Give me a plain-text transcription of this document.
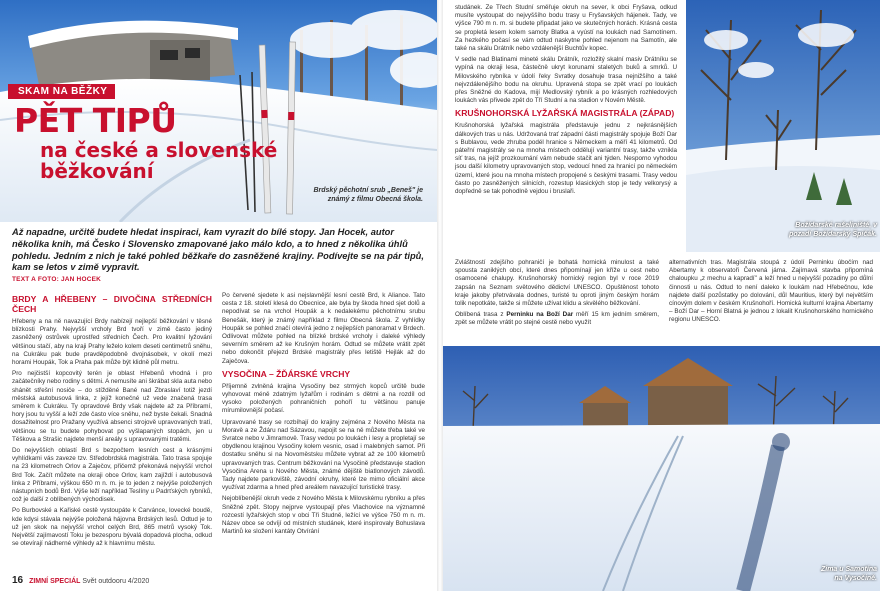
SKAM NA BĚŽKY
PĚT TIPŮ
na české a slovenské běžkování
Brdský pěchotní srub „Beneš" je známý z filmu Obecná škola.
Až napadne, určitě budete hledat inspiraci, kam vyrazit do bílé stopy. Jan Hocek, autor několika knih, má Česko i Slovensko zmapované jako málo kdo, a to hned z několika úhlů pohledu. Jedním z nich je také pohled běžkaře do zasněžené krajiny. Podívejte se na pár tipů, kam se letos v zimě vypravit.
TEXT A FOTO: JAN HOCEK
BRDY A HŘEBENY – DIVOČINA STŘEDNÍCH ČECH

Hřebeny a na ně navazující Brdy nabízejí nejlepší běžkování v těsné blízkosti Prahy. Nejvyšší vrcholy Brd tvoří v zimě často jediný zasněžený ostrůvek uprostřed středních Čech. Pro kvalitní lyžování většinou stačí, aby na kraji Prahy leželo kolem deseti centimetrů sněhu, na Cukráku pak bude pravděpodobně dvojnásobek, v okolí mezi horami Houpák, Tok a Praha pak může být klidně půl metru.

Pro nejčistší kopcovitý terén je oblast Hřebenů vhodná i pro začátečníky nebo rodiny s dětmi. A nemusíte ani škrábat skla auta nebo shánět střešní nosiče – do stížděné Bané nad Zbraslaví totiž jezdí městská autobusová linka, z jejíž konečné už vede značená trasa směrem k Cukráku. Ty opravdové Brdy však najdete až za Příbramí, hory jsou tu vyšší a leží zde často více sněhu, než byste čekali. Snadná dosažitelnost pro Pražany využívá absenci strojově upravovaných tratí, většinou se tu budete pohybovat po vyšlapaných stopách, jen u Těškova a Strašic najdete menší areály s upravovanými tratěmi.

Do nejvyšších oblastí Brd s bezpočtem lesních cest a krásnými vyhlídkami vás zaveze tzv. Středobrdská magistrála. Tato trasa spojuje na 23 kilometrech Orlov a Zaječov, přičemž překonává nejvyšší vrchol Brd Tok. Začít můžete na okraji obce Orlov, kam zajíždí i autobusová linka z Příbrami, výškou 650 m n. m. je to jeden z nejvýše položených nástupních bodů Brd. Výše leží například Teslíny u Padrťských rybníků, což je další z oblíbených východisek.

Po Burbovské a Kařiské cestě vystoupáte k Carvánce, lovecké boudě, kde kdysi stávala nejvýše položená hájovna Brdských lesů. Odtud je to už jen skok na nejvyšší vrchol celých Brd, 865 metrů vysoký Tok. Největší zajímavostí Toku je bezesporu bývalá dopadová plocha, odkud se otevírají nádherné výhledy až k hlavnímu městu.

Po červené sjedete k asi nejslavnější lesní cestě Brd, k Aliance. Tato cesta z 18. století klesá do Obecnice, ale byla by škoda hned sjet dolů a nepodívat se na vrchol Houpák a k nedalekému pěchotnímu srubu Benešák, který je známý například z filmu Obecná škola. Z vyhlídky Houpák se pohled značí otevírá jedno z nejlepších panoramat v Brdech. Odlivovat můžete pohled na blízké brdské vrcholy i daleké výhledy severním směrem až ke Krušným horám. Odtud se můžete vrátit zpět nebo dokončit přejezd Brdské magistrály přes letiště Hejlák až do Zaječova.

VYSOČINA – ŽĎÁRSKÉ VRCHY

Příjemně zvlněná krajina Vysočiny bez strmých kopců určitě bude vyhovovat méně zdatným lyžařům i rodinám s dětmi a na rozdíl od vysoko položených pohraničních pohoří tu většinou panuje mírumilovnější počasí.

Upravované trasy se rozbíhají do krajiny zejména z Nového Města na Moravě a ze Ždáru nad Sázavou, napojit se na ně můžete třeba také ve Svratce nebo v Jimramově. Trasy vedou po loukách i lesy a propletají se obydlenou krajinou Vysočiny kolem vesnic, osad i malebných samot. Při dostatku sněhu si na Novoměstsku můžete vybrat až ze 100 kilometrů upravovaných tras. Centrum běžkování na Vysočině představuje stadion Vysočina Arena u Nového Města, známé dějiště biatlonových závodů. Tady najdete parkoviště, závodní okruhy, které lze mimo oficiální akce využívat zdarma a hned před areálem navazující turistické trasy.

Nejoblíbenější okruh vede z Nového Města k Milovskému rybníku a přes Sněžné zpět. Stopy nejprve vystoupají přes Vlachovice na významné rozcestí lyžařských stop v obci Tři Studně, ležící ve výšce 750 m n. m. Název obce se odvíjí od místních studánek, které inspirovaly Bohuslava Martinů ke složení kantáty Otvírání

16 ZIMNÍ SPECIÁL Svět outdooru 4/2020

studánek. Ze Třech Studní směřuje okruh na sever, k obci Fryšava, odkud musíte vystoupat do nejvyššího bodu trasy u Fryšavských hájenek. Tady, ve výšce 790 m n. m. si budete připadat jako ve skutečných horách. Krásná cesta se propletá lesem kolem samoty Blatka a vyústí na loukách nad Samotínem. Za hezkého počasí se vám odtud naskytne pohled nejenom na Samotín, ale také na skálu Drátník nebo vzdálenější Buchtův kopec.

V sedle nad Blatinami mineté skálu Drátník, rozložitý skalní masiv Drátníku se vypíná na okraji lesa, částečně ukryt korunami staletých buků a smrků. U Milovského rybníka v údolí řeky Svratky dosahuje trasa nejnižšího a také nejvzdálenějšího bodu na okruhu. Upravená stopa se zpět vrací po loukách přes Sněžné do Kadova, mijí Medlovský rybník a po krásných rozhledových loukách vás přivede zpět do Tří Studní a na stadion v Novém Městě.

KRUŠNOHORSKÁ LYŽAŘSKÁ MAGISTRÁLA (ZÁPAD)

Krušnohorská lyžařská magistrála představuje jednu z nejkrásnějších dálkových tras u nás. Udržovaná trať západní části magistrály spojuje Boží Dar s Bublavou, vede zhruba podél hranice s Německem a měří 41 kilometrů. Od páteřní magistrály se na mnoha místech oddělují variantní trasy, takže vznikla síť tras, na jejíž prozkoumání vám nebude stačit ani týden. Nesporno vyhodou jsou další kilometry upravovaných stop, vedoucí hned za hranicí po německém území, které jsou na mnoha místech propojené s českými trasami. Trasy vedou často po zasněžených silnicích, rozestup klasických stop je tedy velkorysý a dopředně se tak pohodlně vejdou i bruslaři.

Božídarské rašeliniště, v pozadí Božídarský Špičák.

Zvláštností zdejšího pohraničí je bohatá hornická minulost a také spousta zaniklých obcí, které dnes připomínají jen kříže u cest nebo osamocené chalupy. Krušnohorský hornický region byl v roce 2019 zapsán na Seznam světového dědictví UNESCO. Opuštěnost tohoto kraje jakoby přetrvávala dodnes, turisté tu oproti jiným českým horám tolik nepotkáte, takže si můžete užívat klidu a skvělého běžkování.

Oblíbená trasa z Perninku na Boží Dar měří 15 km jedním směrem, zpět se můžete vrátit po stejné cestě nebo využít

alternativních tras. Magistrála stoupá z údolí Perninku úbočím nad Abertamy k observatoři Červená jáma. Zajímavá stavba připomíná chaloupku „z mechu a kapradí" a leží hned u nejvyšší pozadiny po důlní činnosti u nás. Odtud to není daleko k loukám nad Hřebečnou, kde najdete další pozůstatky po dolování, důl Mauritius, který byl největším cínovým dolem v českém Krušnohoří. Homická kulturní krajina Abertamy – Boží Dar – Horní Blatná je jednou z lokalit Krušnohorského hornického regionu UNESCO.

Zima u Samotína na Vysočině.
